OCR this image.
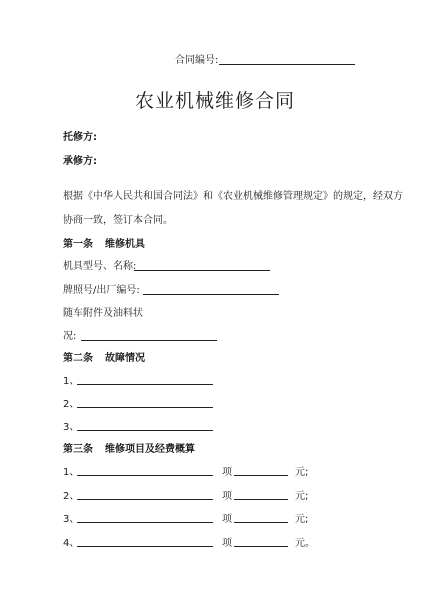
合同编号:
农业机械维修合同
托修方:
承修方:
根据《中华人民共和国合同法》和《农业机械维修管理规定》的规定，经双方
协商一致，签订本合同。
第一条 维修机具
机具型号、名称:
牌照号/出厂编号:
随车附件及油料状
况:
第二条 故障情况
1、
2、
3、
第三条 维修项目及经费概算
1、	项	元;
2、	项	元;
3、	项	元;
4、	项	元。
